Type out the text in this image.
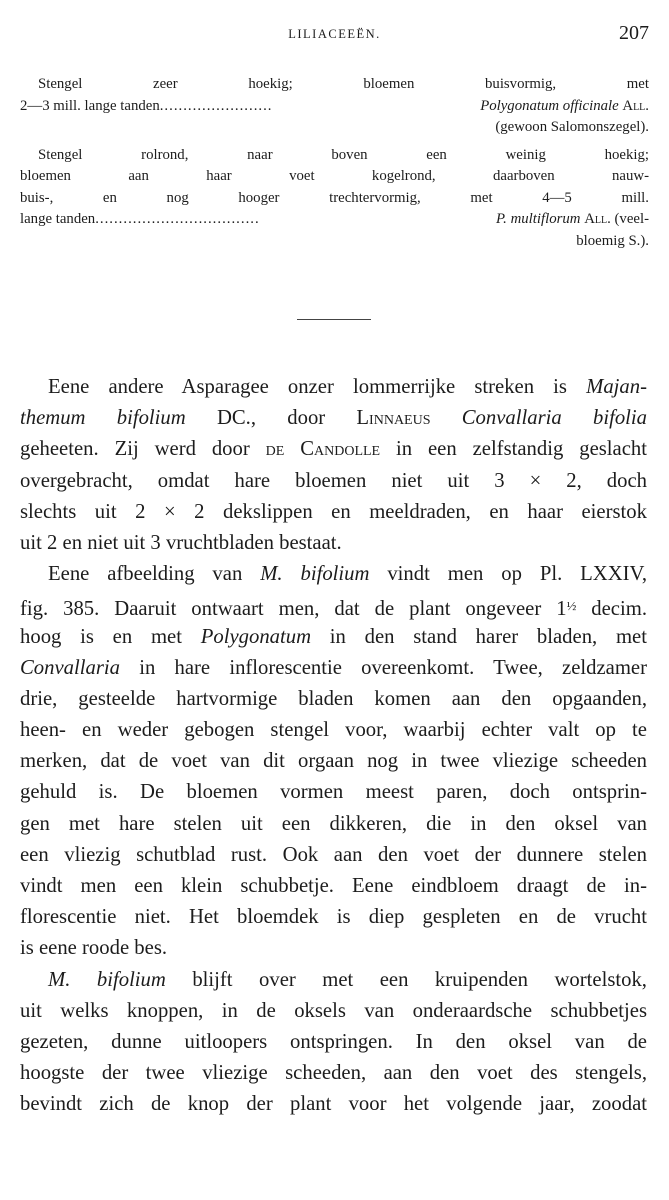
LILIACEEËN.	207
Stengel zeer hoekig; bloemen buisvormig, met
2—3 mill. lange tanden........................	Polygonatum officinale All.
(gewoon Salomonszegel).
Stengel rolrond, naar boven een weinig hoekig;
bloemen aan haar voet kogelrond, daarboven nauw-
buis-, en nog hooger trechtervormig, met 4—5 mill.
lange tanden...................................	P. multiflorum All. (veel-
bloemig S.).
Eene andere Asparagee onzer lommerrijke streken is Majan-
themum bifolium DC., door Linnaeus Convallaria bifolia
geheeten. Zij werd door de Candolle in een zelfstandig geslacht
overgebracht, omdat hare bloemen niet uit 3 × 2, doch
slechts uit 2 × 2 dekslippen en meeldraden, en haar eierstok
uit 2 en niet uit 3 vruchtbladen bestaat.
Eene afbeelding van M. bifolium vindt men op Pl. LXXIV,
fig. 385. Daaruit ontwaart men, dat de plant ongeveer $1^{\frac{1}{2}}$ decim.
hoog is en met Polygonatum in den stand harer bladen, met
Convallaria in hare inflorescentie overeenkomt. Twee, zeldzamer
drie, gesteelde hartvormige bladen komen aan den opgaanden,
heen- en weder gebogen stengel voor, waarbij echter valt op te
merken, dat de voet van dit orgaan nog in twee vliezige scheeden
gehuld is. De bloemen vormen meest paren, doch ontsprin-
gen met hare stelen uit een dikkeren, die in den oksel van
een vliezig schutblad rust. Ook aan den voet der dunnere stelen
vindt men een klein schubbetje. Eene eindbloem draagt de in-
florescentie niet. Het bloemdek is diep gespleten en de vrucht
is eene roode bes.
M. bifolium blijft over met een kruipenden wortelstok,
uit welks knoppen, in de oksels van onderaardsche schubbetjes
gezeten, dunne uitloopers ontspringen. In den oksel van de
hoogste der twee vliezige scheeden, aan den voet des stengels,
bevindt zich de knop der plant voor het volgende jaar, zoodat
